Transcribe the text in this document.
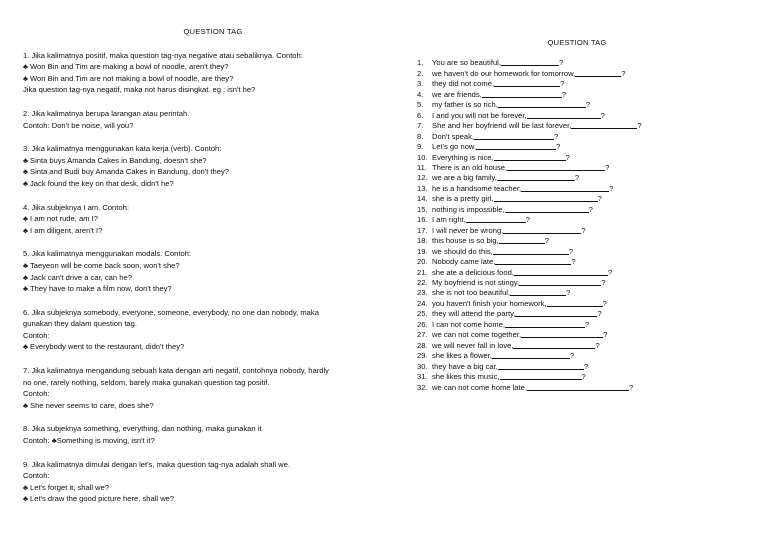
QUESTION TAG
1. Jika kalimatnya positif, maka question tag-nya negative atau sebaliknya. Contoh:
♣ Won Bin and Tim are making a bowl of noodle, aren't they?
♣ Won Bin and Tim are not making a bowl of noodle, are they?
Jika question tag-nya negatif, maka not harus disingkat. eg : isn't he?
2. Jika kalimatnya berupa larangan atau perintah.
Contoh: Don't be noise, will you?
3. Jika kalimatnya menggunakan kata kerja (verb). Contoh:
♣ Sinta buys Amanda Cakes in Bandung, doesn't she?
♣ Sinta and Budi buy Amanda Cakes in Bandung, don't they?
♣ Jack found the key on that desk, didn't he?
4. Jika subjeknya I am. Contoh:
♣ I am not rude, am I?
♣ I am diligent, aren't I?
5. Jika kalimatnya menggunakan modals. Contoh:
♣ Taeyeon will be come back soon, won't she?
♣ Jack can't drive a car, can he?
♣ They have to make a film now, don't they?
6. Jika subjeknya somebody, everyone, someone, everybody, no one dan nobody, maka
gunakan they dalam question tag.
Contoh:
♣ Everybody went to the restaurant, didn't they?
7. Jika kalimatnya mengandung sebuah kata dengan arti negatif, contohnya nobody, hardly
no one, rarely nothing, seldom, barely maka gunakan question tag positif.
Contoh:
♣ She never seems to care, does she?
8. Jika subjeknya something, everything, dan nothing, maka gunakan it
Contoh: ♣Something is moving, isn't it?
9. Jika kalimatnya dimulai dengan let's, maka question tag-nya adalah shall we.
Contoh:
♣ Let's forget it, shall we?
♣ Let's draw the good picture here, shall we?
QUESTION TAG
1.	You are so beautiful,	?
2.	we haven't do our homework for tomorrow,	?
3.	they did not come,	?
4.	we are friends,	?
5.	my father is so rich,	?
6.	I and you will not be forever,	?
7.	She and her boyfriend will be last forever,	?
8.	Don't speak,	?
9.	Let's go now,	?
10. Everything is nice,	?
11. There is an old house,	?
12. we are a big family,	?
13. he is a handsome teacher,	?
14. she is a pretty girl,	?
15. nothing is impossible,	?
16. I am right,	?
17. I will never be wrong,	?
18. this house is so big,	?
19. we should do this,	?
20. Nobody came late,	?
21. she ate a delicious food,	?
22. My boyfriend is not stingy,	?
23. she is not too beautiful,	?
24. you haven't finish your homework,	?
25. they will attend the party,	?
26. I can not come home,	?
27. we can not come together,	?
28. we will never fall in love,	?
29. she likes a flower,	?
30. they have a big car,	?
31. she likes this music,	?
32. we can not come home late,	?
